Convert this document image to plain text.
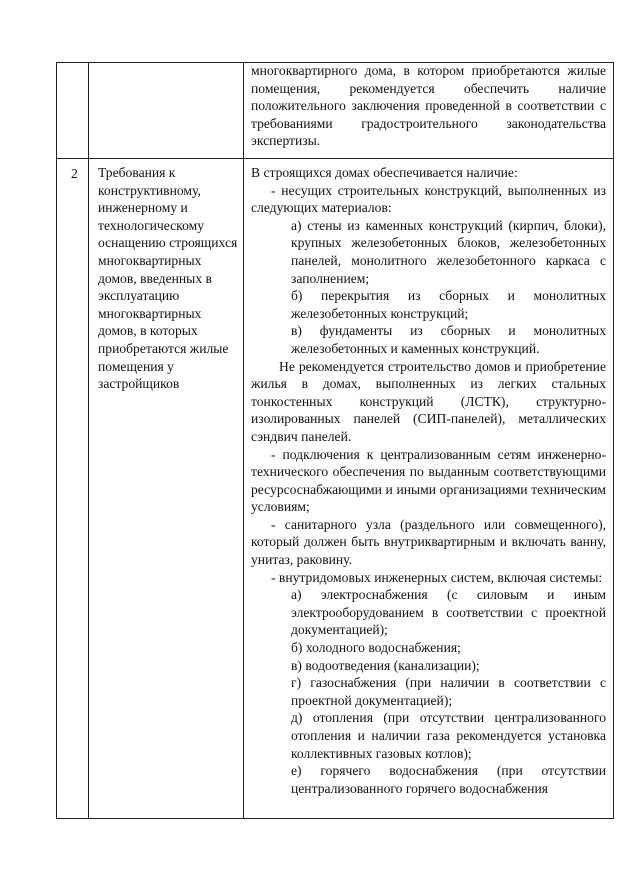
многоквартирного дома, в котором приобретаются жилые помещения, рекомендуется обеспечить наличие положительного заключения проведенной в соответствии с требованиями градостроительного законодательства экспертизы.

2 Требования к конструктивному, инженерному и технологическому оснащению строящихся многоквартирных домов, введенных в эксплуатацию многоквартирных домов, в которых приобретаются жилые помещения у застройщиков

В строящихся домах обеспечивается наличие:

- несущих строительных конструкций, выполненных из следующих материалов:

а) стены из каменных конструкций (кирпич, блоки), крупных железобетонных блоков, железобетонных панелей, монолитного железобетонного каркаса с заполнением;

б) перекрытия из сборных и монолитных железобетонных конструкций;

в) фундаменты из сборных и монолитных железобетонных и каменных конструкций.

Не рекомендуется строительство домов и приобретение жилья в домах, выполненных из легких стальных тонкостенных конструкций (ЛСТК), структурно-изолированных панелей (СИП-панелей), металлических сэндвич панелей.

- подключения к централизованным сетям инженерно-технического обеспечения по выданным соответствующими ресурсоснабжающими и иными организациями техническим условиям;

- санитарного узла (раздельного или совмещенного), который должен быть внутриквартирным и включать ванну, унитаз, раковину.

- внутридомовых инженерных систем, включая системы:

а) электроснабжения (с силовым и иным электрооборудованием в соответствии с проектной документацией);

б) холодного водоснабжения;

в) водоотведения (канализации);

г) газоснабжения (при наличии в соответствии с проектной документацией);

д) отопления (при отсутствии централизованного отопления и наличии газа рекомендуется установка коллективных газовых котлов);

е) горячего водоснабжения (при отсутствии централизованного горячего водоснабжения
